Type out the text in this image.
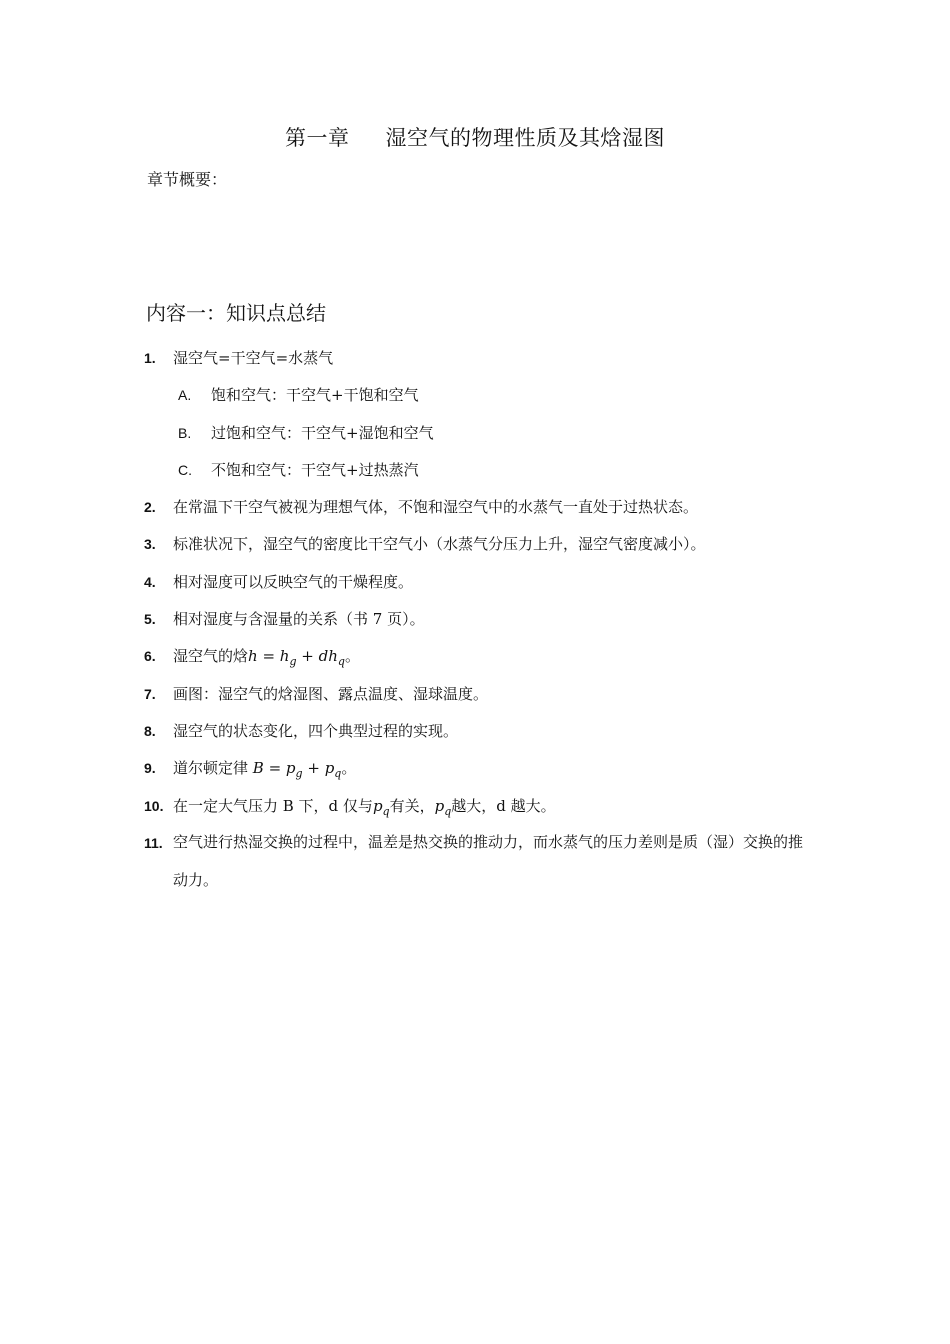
第一章 湿空气的物理性质及其焓湿图
章节概要：
内容一：知识点总结
1. 湿空气=干空气=水蒸气
A. 饱和空气：干空气+干饱和空气
B. 过饱和空气：干空气+湿饱和空气
C. 不饱和空气：干空气+过热蒸汽
2. 在常温下干空气被视为理想气体，不饱和湿空气中的水蒸气一直处于过热状态。
3. 标准状况下，湿空气的密度比干空气小（水蒸气分压力上升，湿空气密度减小）。
4. 相对湿度可以反映空气的干燥程度。
5. 相对湿度与含湿量的关系（书 7 页）。
6. 湿空气的焓$h = h_g + dh_q$。
7. 画图：湿空气的焓湿图、露点温度、湿球温度。
8. 湿空气的状态变化，四个典型过程的实现。
9. 道尔顿定律 $B = p_g + p_q$。
10. 在一定大气压力 B 下，d 仅与$p_q$有关，$p_q$越大，d 越大。
11. 空气进行热湿交换的过程中，温差是热交换的推动力，而水蒸气的压力差则是质（湿）交换的推动力。
